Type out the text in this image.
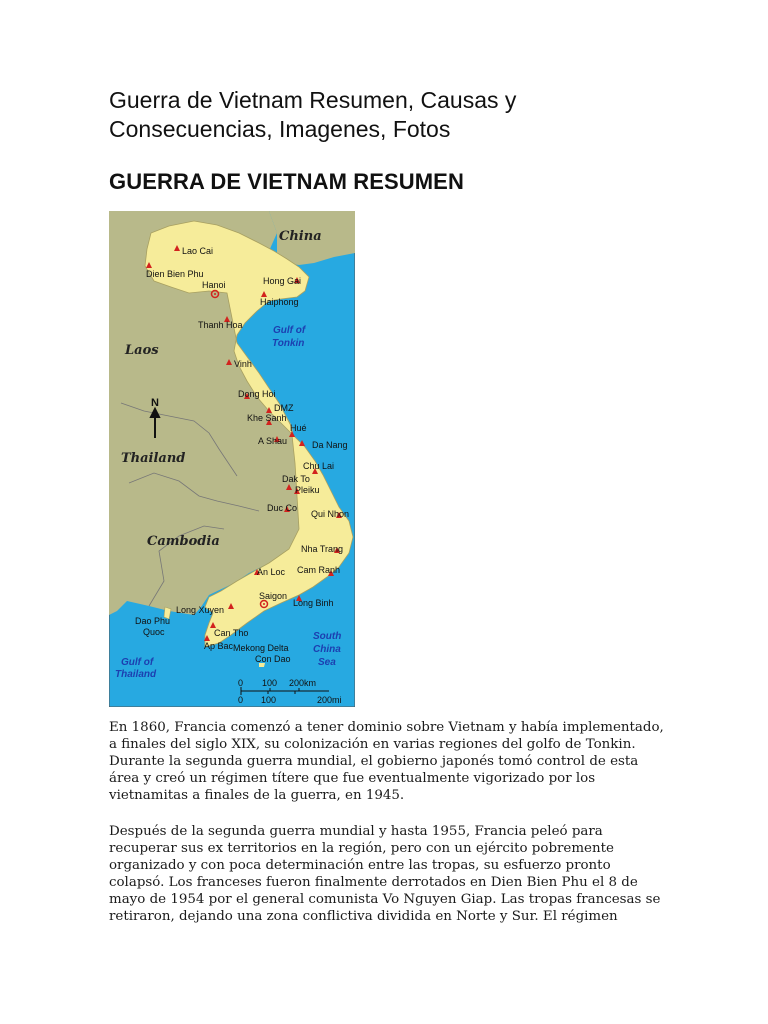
Guerra de Vietnam Resumen, Causas y Consecuencias, Imagenes, Fotos
GUERRA DE VIETNAM RESUMEN
China
Laos
Thailand
Cambodia
Gulf of
Tonkin
South
China
Sea
Gulf of
Thailand
N
Lao Cai
Dien Bien Phu
Hanoi	Hong Gai
Haiphong
Thanh Hoa
Vinh
Dong Hoi
DMZ
Khe Sanh
Hué
A Shau	Da Nang
Chu Lai
Dak To
Pleiku
Duc Co
Qui Nhon
Nha Trang
An Loc Cam Ranh
Saigon
Long Binh
Long Xuyen
Dao Phu
Quoc	Can Tho
Ap Bac Mekong Delta
Con Dao
0 100 200km
0 100	200mi

En 1860, Francia comenzó a tener dominio sobre Vietnam y había implementado, a finales del siglo XIX, su colonización en varias regiones del golfo de Tonkin. Durante la segunda guerra mundial, el gobierno japonés tomó control de esta área y creó un régimen títere que fue eventualmente vigorizado por los vietnamitas a finales de la guerra, en 1945.

Después de la segunda guerra mundial y hasta 1955, Francia peleó para recuperar sus ex territorios en la región, pero con un ejército pobremente organizado y con poca determinación entre las tropas, su esfuerzo pronto colapsó. Los franceses fueron finalmente derrotados en Dien Bien Phu el 8 de mayo de 1954 por el general comunista Vo Nguyen Giap. Las tropas francesas se retiraron, dejando una zona conflictiva dividida en Norte y Sur. El régimen
